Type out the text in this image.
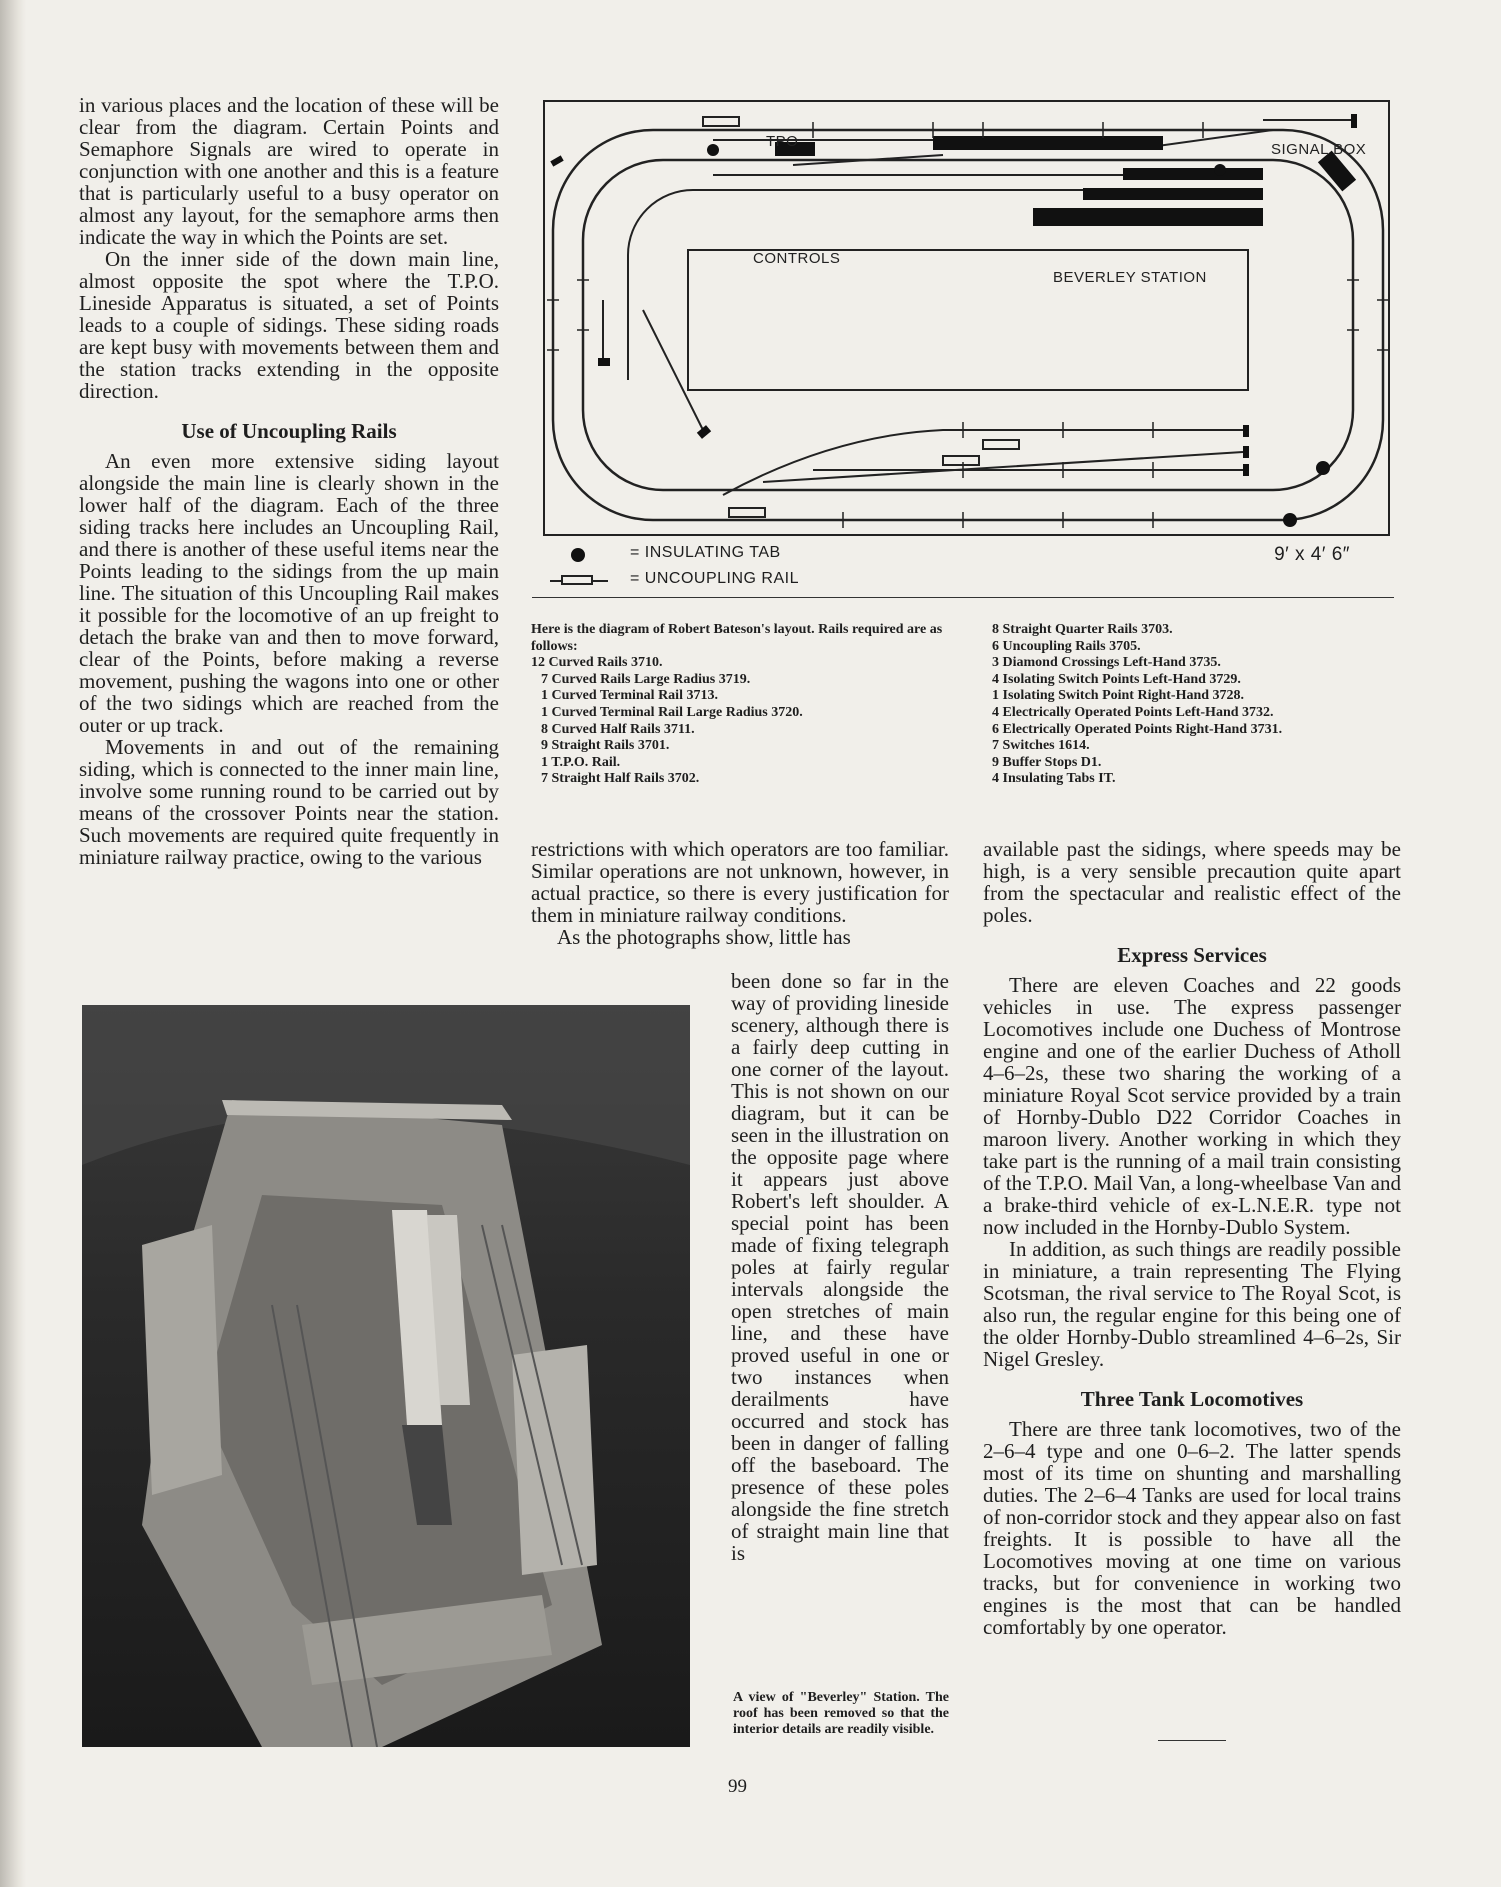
in various places and the location of these will be clear from the diagram. Certain Points and Semaphore Signals are wired to operate in conjunction with one another and this is a feature that is particularly useful to a busy operator on almost any layout, for the semaphore arms then indicate the way in which the Points are set.

On the inner side of the down main line, almost opposite the spot where the T.P.O. Lineside Apparatus is situated, a set of Points leads to a couple of sidings. These siding roads are kept busy with movements between them and the station tracks extending in the opposite direction.

Use of Uncoupling Rails

An even more extensive siding layout alongside the main line is clearly shown in the lower half of the diagram. Each of the three siding tracks here includes an Uncoupling Rail, and there is another of these useful items near the Points leading to the sidings from the up main line. The situation of this Uncoupling Rail makes it possible for the locomotive of an up freight to detach the brake van and then to move forward, clear of the Points, before making a reverse movement, pushing the wagons into one or other of the two sidings which are reached from the outer or up track.

Movements in and out of the remaining siding, which is connected to the inner main line, involve some running round to be carried out by means of the crossover Points near the station. Such movements are required quite frequently in miniature railway practice, owing to the various

TPO	SIGNAL BOX
CONTROLS
BEVERLEY STATION
= INSULATING TAB
= UNCOUPLING RAIL
9′ x 4′ 6″
Here is the diagram of Robert Bateson's layout. Rails required are as follows:
12 Curved Rails 3710.
7 Curved Rails Large Radius 3719.
1 Curved Terminal Rail 3713.
1 Curved Terminal Rail Large Radius 3720.
8 Curved Half Rails 3711.
9 Straight Rails 3701.
1 T.P.O. Rail.
7 Straight Half Rails 3702.
8 Straight Quarter Rails 3703.
6 Uncoupling Rails 3705.
3 Diamond Crossings Left-Hand 3735.
4 Isolating Switch Points Left-Hand 3729.
1 Isolating Switch Point Right-Hand 3728.
4 Electrically Operated Points Left-Hand 3732.
6 Electrically Operated Points Right-Hand 3731.
7 Switches 1614.
9 Buffer Stops D1.
4 Insulating Tabs IT.

restrictions with which operators are too familiar. Similar operations are not unknown, however, in actual practice, so there is every justification for them in miniature railway conditions.

As the photographs show, little has

been done so far in the way of providing lineside scenery, although there is a fairly deep cutting in one corner of the layout. This is not shown on our diagram, but it can be seen in the illustration on the opposite page where it appears just above Robert's left shoulder. A special point has been made of fixing telegraph poles at fairly regular intervals alongside the open stretches of main line, and these have proved useful in one or two instances when derailments have occurred and stock has been in danger of falling off the baseboard. The presence of these poles alongside the fine stretch of straight main line that is

A view of "Beverley" Station. The roof has been removed so that the interior details are readily visible.

available past the sidings, where speeds may be high, is a very sensible precaution quite apart from the spectacular and realistic effect of the poles.

Express Services

There are eleven Coaches and 22 goods vehicles in use. The express passenger Locomotives include one Duchess of Montrose engine and one of the earlier Duchess of Atholl 4–6–2s, these two sharing the working of a miniature Royal Scot service provided by a train of Hornby-Dublo D22 Corridor Coaches in maroon livery. Another working in which they take part is the running of a mail train consisting of the T.P.O. Mail Van, a long-wheelbase Van and a brake-third vehicle of ex-L.N.E.R. type not now included in the Hornby-Dublo System.

In addition, as such things are readily possible in miniature, a train representing The Flying Scotsman, the rival service to The Royal Scot, is also run, the regular engine for this being one of the older Hornby-Dublo streamlined 4–6–2s, Sir Nigel Gresley.

Three Tank Locomotives

There are three tank locomotives, two of the 2–6–4 type and one 0–6–2. The latter spends most of its time on shunting and marshalling duties. The 2–6–4 Tanks are used for local trains of non-corridor stock and they appear also on fast freights. It is possible to have all the Locomotives moving at one time on various tracks, but for convenience in working two engines is the most that can be handled comfortably by one operator.

99
